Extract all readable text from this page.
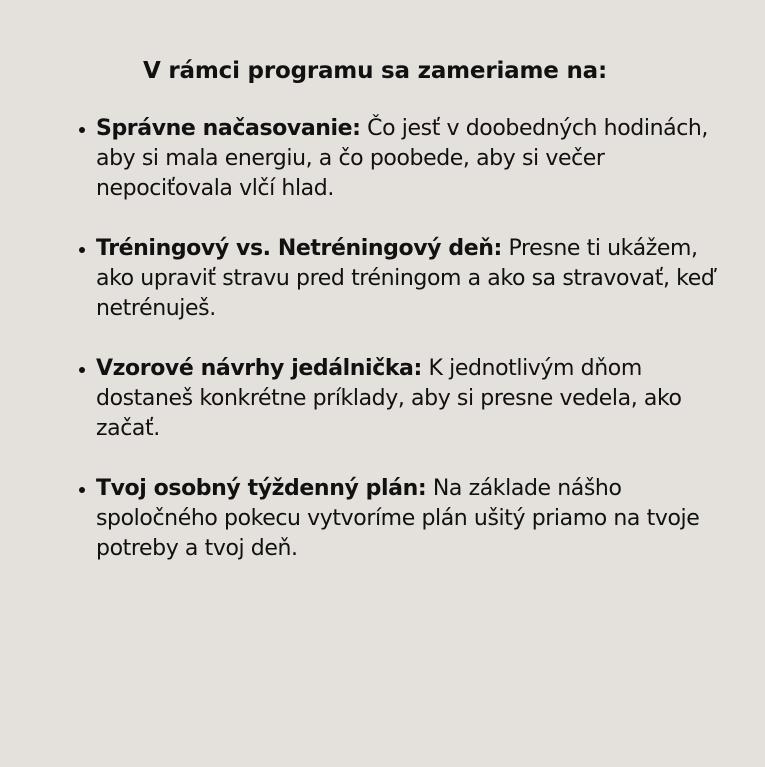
V rámci programu sa zameriame na:
Správne načasovanie: Čo jesť v doobedných hodinách, aby si mala energiu, a čo poobede, aby si večer nepociťovala vlčí hlad.
Tréningový vs. Netréningový deň: Presne ti ukážem, ako upraviť stravu pred tréningom a ako sa stravovať, keď netrénuješ.
Vzorové návrhy jedálnička: K jednotlivým dňom dostaneš konkrétne príklady, aby si presne vedela, ako začať.
Tvoj osobný týždenný plán: Na základe nášho spoločného pokecu vytvoríme plán ušitý priamo na tvoje potreby a tvoj deň.
